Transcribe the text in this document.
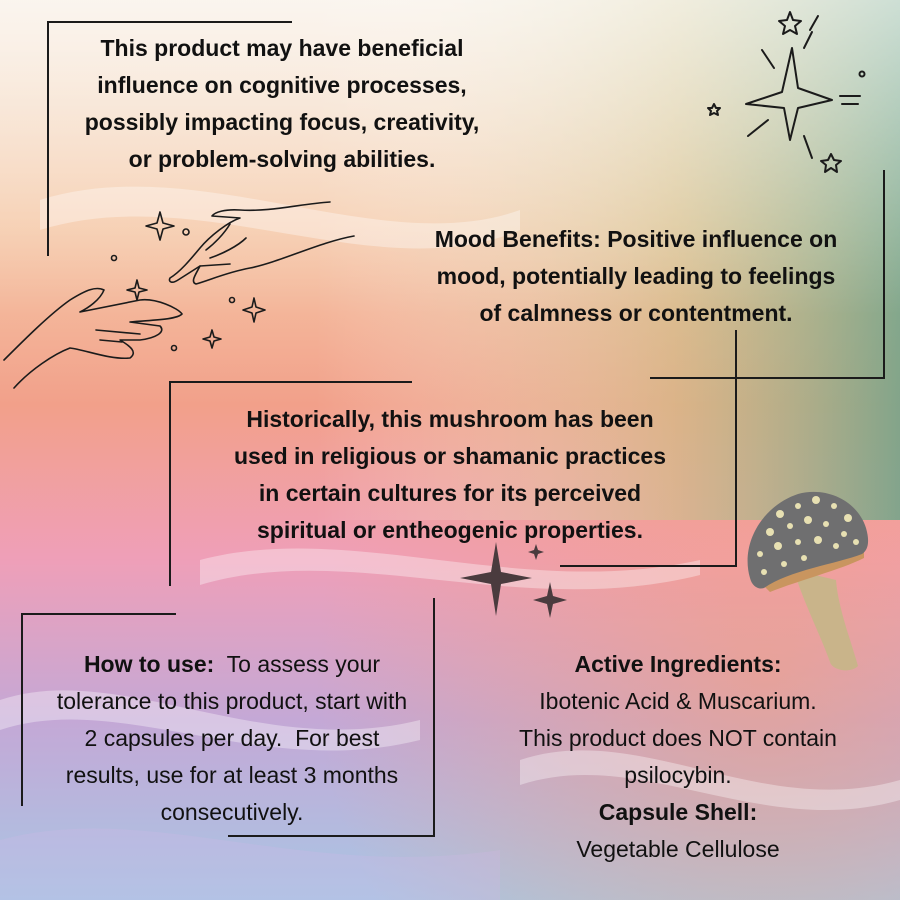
This product may have beneficial
influence on cognitive processes,
possibly impacting focus, creativity,
or problem-solving abilities.
Mood Benefits: Positive influence on
mood, potentially leading to feelings
of calmness or contentment.
Historically, this mushroom has been
used in religious or shamanic practices
in certain cultures for its perceived
spiritual or entheogenic properties.
How to use:  To assess your
tolerance to this product, start with
2 capsules per day.  For best
results, use for at least 3 months
consecutively.
Active Ingredients:
Ibotenic Acid & Muscarium.
This product does NOT contain
psilocybin.
Capsule Shell:
Vegetable Cellulose
